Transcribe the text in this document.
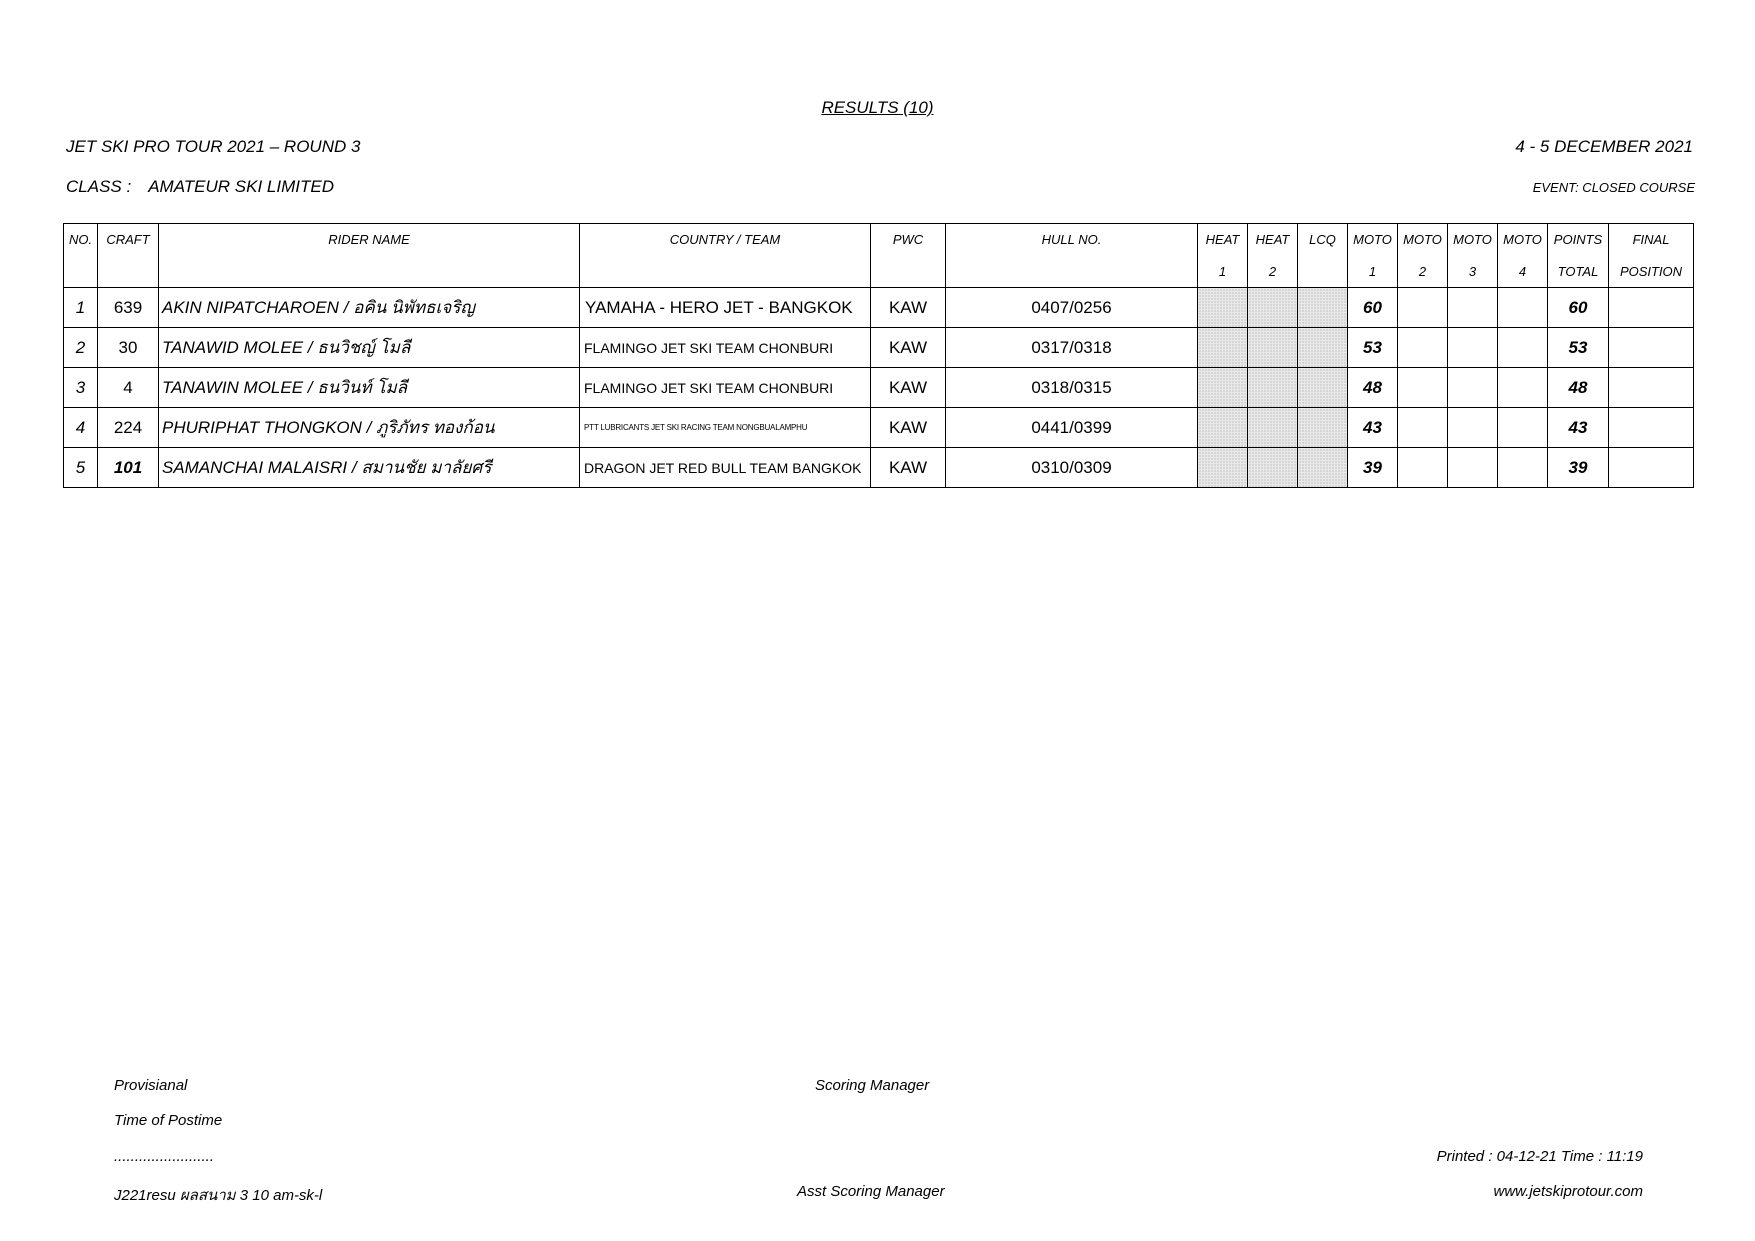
RESULTS (10)
JET SKI PRO TOUR 2021 – ROUND 3	4 - 5 DECEMBER 2021
CLASS : AMATEUR SKI LIMITED	EVENT: CLOSED COURSE
NO.	CRAFT	RIDER NAME	COUNTRY / TEAM	PWC	HULL NO.	HEAT	HEAT	LCQ	MOTO	MOTO	MOTO	MOTO	POINTS	FINAL
						1	2		1	2	3	4	TOTAL	POSITION
1	639	AKIN NIPATCHAROEN / อคิน นิพัทธเจริญ	YAMAHA - HERO JET - BANGKOK	KAW	0407/0256				60				60	
2	30	TANAWID MOLEE / ธนวิชญ์ โมลี	FLAMINGO JET SKI TEAM CHONBURI	KAW	0317/0318				53				53	
3	4	TANAWIN MOLEE / ธนวินท์ โมลี	FLAMINGO JET SKI TEAM CHONBURI	KAW	0318/0315				48				48	
4	224	PHURIPHAT THONGKON / ภูริภัทร ทองก้อน	PTT LUBRICANTS JET SKI RACING TEAM NONGBUALAMPHU	KAW	0441/0399				43				43	
5	101	SAMANCHAI MALAISRI / สมานชัย มาลัยศรี	DRAGON JET RED BULL TEAM BANGKOK	KAW	0310/0309				39				39	
Provisianal
Time of Postime
........................
J221resu ผลสนาม 3 10 am-sk-l
Scoring Manager
Asst Scoring Manager
Printed : 04-12-21 Time : 11:19
www.jetskiprotour.com
